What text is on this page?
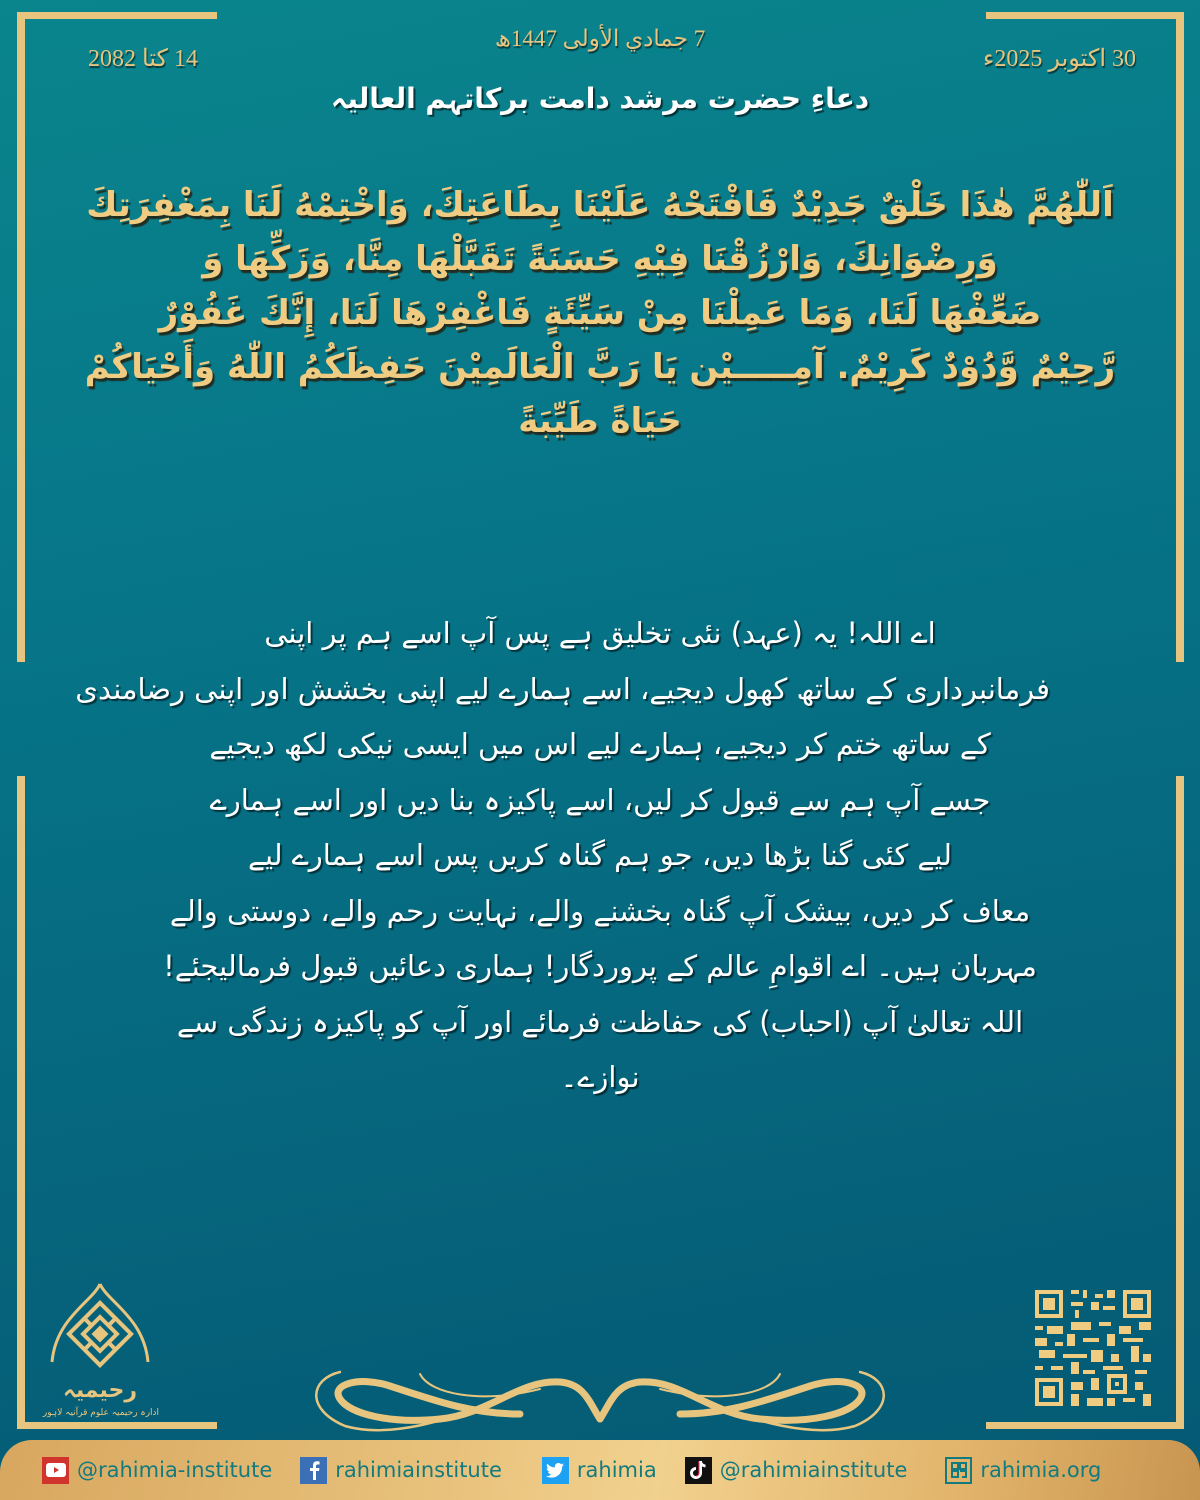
14 کتا 2082
7 جمادي الأولى 1447ھ
30 اکتوبر 2025ء
دعاءِ حضرت مرشد دامت برکاتہم العالیہ
اَللّٰهُمَّ هٰذَا خَلْقٌ جَدِيْدٌ فَافْتَحْهُ عَلَيْنَا بِطَاعَتِكَ، وَاخْتِمْهُ لَنَا بِمَغْفِرَتِكَ
وَرِضْوَانِكَ، وَارْزُقْنَا فِيْهِ حَسَنَةً تَقَبَّلْهَا مِنَّا، وَزَكِّهَا وَ
ضَعِّفْهَا لَنَا، وَمَا عَمِلْنَا مِنْ سَيِّئَةٍ فَاغْفِرْهَا لَنَا، إِنَّكَ غَفُوْرٌ
رَّحِيْمٌ وَّدُوْدٌ كَرِيْمٌ. آمِـــــيْن يَا رَبَّ الْعَالَمِيْنَ حَفِظَكُمُ اللّٰهُ وَأَحْيَاكُمْ
حَيَاةً طَيِّبَةً
اے اللہ! یہ (عہد) نئی تخلیق ہے پس آپ اسے ہم پر اپنی
فرمانبرداری کے ساتھ کھول دیجیے، اسے ہمارے لیے اپنی بخشش اور اپنی رضامندی
کے ساتھ ختم کر دیجیے، ہمارے لیے اس میں ایسی نیکی لکھ دیجیے
جسے آپ ہم سے قبول کر لیں، اسے پاکیزہ بنا دیں اور اسے ہمارے
لیے کئی گنا بڑھا دیں، جو ہم گناہ کریں پس اسے ہمارے لیے
معاف کر دیں، بیشک آپ گناہ بخشنے والے، نہایت رحم والے، دوستی والے
مہربان ہیں۔ اے اقوامِ عالم کے پروردگار! ہماری دعائیں قبول فرمالیجئے!
اللہ تعالیٰ آپ (احباب) کی حفاظت فرمائے اور آپ کو پاکیزہ زندگی سے
نوازے۔
رحیمیہ
ادارہ رحیمیہ علوم قرآنیہ لاہور
@rahimia-institute	rahimiainstitute	rahimia	@rahimiainstitute	rahimia.org
